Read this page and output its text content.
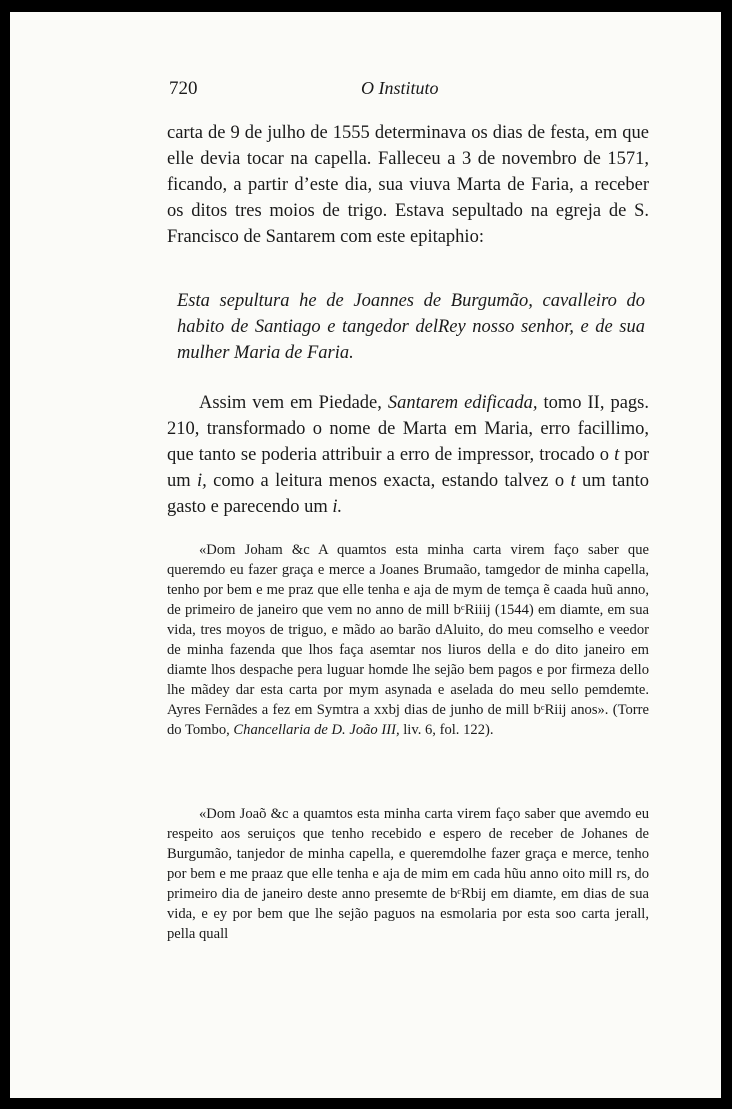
720	O Instituto

carta de 9 de julho de 1555 determinava os dias de festa, em que elle devia tocar na capella. Falleceu a 3 de novembro de 1571, ficando, a partir d’este dia, sua viuva Marta de Faria, a receber os ditos tres moios de trigo. Estava sepultado na egreja de S. Francisco de Santarem com este epitaphio:

Esta sepultura he de Joannes de Burgumão, cavalleiro do habito de Santiago e tangedor delRey nosso senhor, e de sua mulher Maria de Faria.

Assim vem em Piedade, Santarem edificada, tomo II, pags. 210, transformado o nome de Marta em Maria, erro facillimo, que tanto se poderia attribuir a erro de impressor, trocado o t por um i, como a leitura menos exacta, estando talvez o t um tanto gasto e parecendo um i.

«Dom Joham &c A quamtos esta minha carta virem faço saber que queremdo eu fazer graça e merce a Joanes Brumaão, tamgedor de minha capella, tenho por bem e me praz que elle tenha e aja de mym de temça ẽ caada huũ anno, de primeiro de janeiro que vem no anno de mill bᶜRiiij (1544) em diamte, em sua vida, tres moyos de triguo, e mãdo ao barão dAluito, do meu comselho e veedor de minha fazenda que lhos faça asemtar nos liuros della e do dito janeiro em diamte lhos despache pera luguar homde lhe sejão bem pagos e por firmeza dello lhe mãdey dar esta carta por mym asynada e aselada do meu sello pemdemte. Ayres Fernãdes a fez em Symtra a xxbj dias de junho de mill bᶜRiij anos». (Torre do Tombo, Chancellaria de D. João III, liv. 6, fol. 122).

«Dom Joaõ &c a quamtos esta minha carta virem faço saber que avemdo eu respeito aos seruiços que tenho recebido e espero de receber de Johanes de Burgumão, tanjedor de minha capella, e queremdolhe fazer graça e merce, tenho por bem e me praaz que elle tenha e aja de mim em cada hũu anno oito mill rs, do primeiro dia de janeiro deste anno presemte de bᶜRbij em diamte, em dias de sua vida, e ey por bem que lhe sejão paguos na esmolaria por esta soo carta jerall, pella quall
